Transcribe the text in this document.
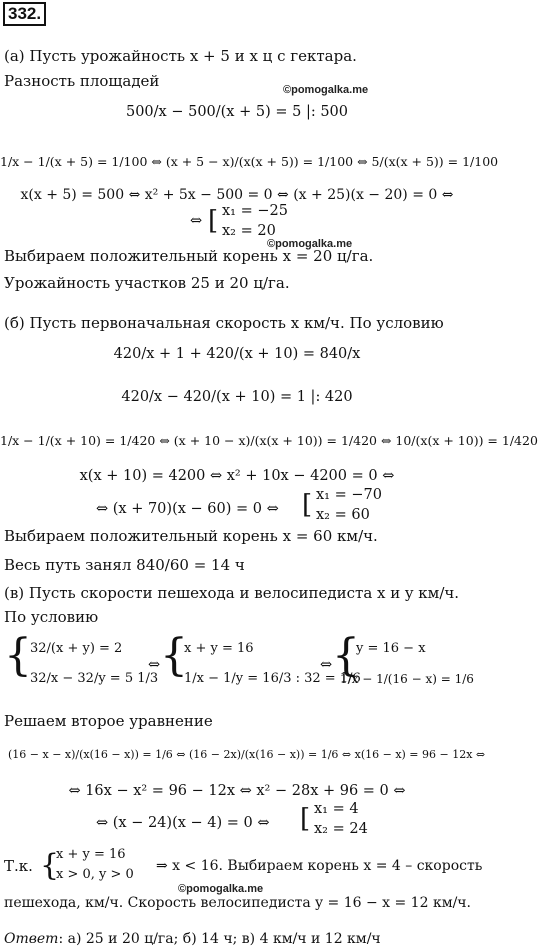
332.
(а) Пусть урожайность x + 5 и x ц с гектара.
©pomogalka.me
Разность площадей
500/x − 500/(x + 5) = 5 |: 500
1/x − 1/(x + 5) = 1/100 ⇔ (x + 5 − x)/(x(x + 5)) = 1/100 ⇔ 5/(x(x + 5)) = 1/100
x(x + 5) = 500 ⇔ x² + 5x − 500 = 0 ⇔ (x + 25)(x − 20) = 0 ⇔
⇔ [ x₁ = −25
x₂ = 20
©pomogalka.me
Выбираем положительный корень x = 20 ц/га.
Урожайность участков 25 и 20 ц/га.
(б) Пусть первоначальная скорость x км/ч. По условию
420/x + 1 + 420/(x + 10) = 840/x
420/x − 420/(x + 10) = 1 |: 420
1/x − 1/(x + 10) = 1/420 ⇔ (x + 10 − x)/(x(x + 10)) = 1/420 ⇔ 10/(x(x + 10)) = 1/420
x(x + 10) = 4200 ⇔ x² + 10x − 4200 = 0 ⇔
⇔ (x + 70)(x − 60) = 0 ⇔ [ x₁ = −70
x₂ = 60
Выбираем положительный корень x = 60 км/ч.
Весь путь занял 840/60 = 14 ч
(в) Пусть скорости пешехода и велосипедиста x и y км/ч.
По условию
{
32/(x + y) = 2
32/x − 32/y = 5 1/3
⇔ {
x + y = 16
1/x − 1/y = 16/3 : 32 = 1/6
⇔ {
y = 16 − x
1/x − 1/(16 − x) = 1/6
Решаем второе уравнение
(16 − x − x)/(x(16 − x)) = 1/6 ⇔ (16 − 2x)/(x(16 − x)) = 1/6 ⇔ x(16 − x) = 96 − 12x ⇔
⇔ 16x − x² = 96 − 12x ⇔ x² − 28x + 96 = 0 ⇔
⇔ (x − 24)(x − 4) = 0 ⇔ [ x₁ = 4
x₂ = 24
Т.к. {
x + y = 16
x > 0, y > 0
⇒ x < 16. Выбираем корень x = 4 – скорость
©pomogalka.me
пешехода, км/ч. Скорость велосипедиста y = 16 − x = 12 км/ч.
Ответ: а) 25 и 20 ц/га; б) 14 ч; в) 4 км/ч и 12 км/ч
